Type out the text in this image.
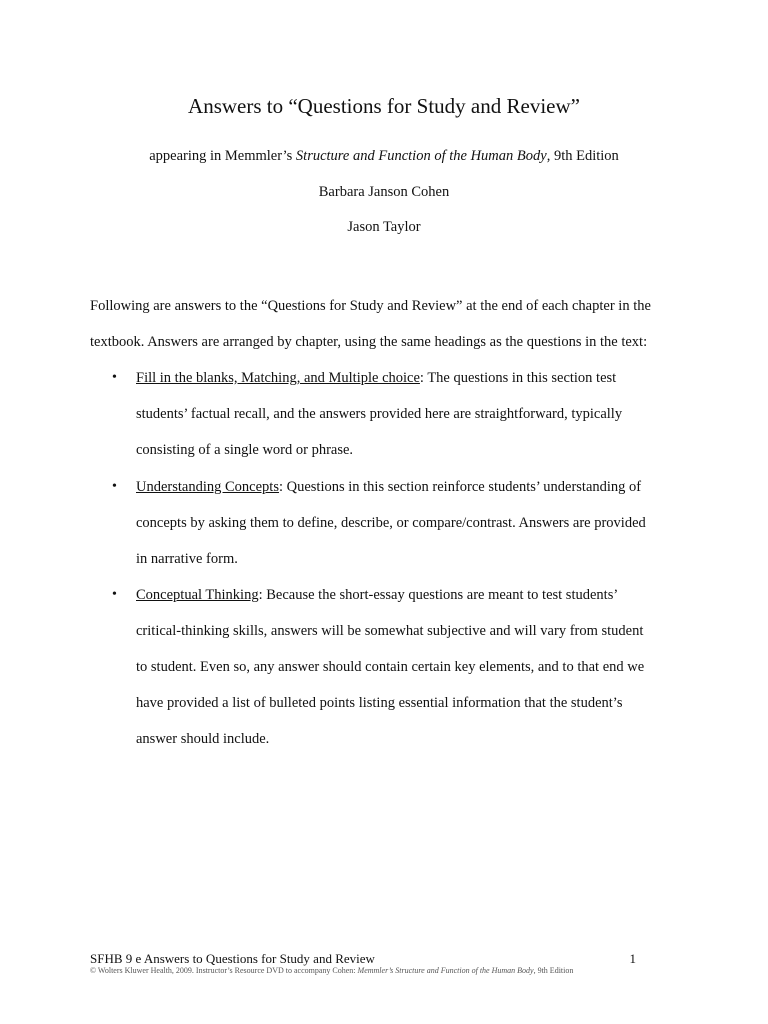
Answers to “Questions for Study and Review”
appearing in Memmler’s Structure and Function of the Human Body, 9th Edition
Barbara Janson Cohen
Jason Taylor

Following are answers to the “Questions for Study and Review” at the end of each chapter in the
textbook. Answers are arranged by chapter, using the same headings as the questions in the text:

• Fill in the blanks, Matching, and Multiple choice: The questions in this section test
students’ factual recall, and the answers provided here are straightforward, typically
consisting of a single word or phrase.
• Understanding Concepts: Questions in this section reinforce students’ understanding of
concepts by asking them to define, describe, or compare/contrast. Answers are provided
in narrative form.
• Conceptual Thinking: Because the short-essay questions are meant to test students’
critical-thinking skills, answers will be somewhat subjective and will vary from student
to student. Even so, any answer should contain certain key elements, and to that end we
have provided a list of bulleted points listing essential information that the student’s
answer should include.
SFHB 9 e Answers to Questions for Study and Review	1
© Wolters Kluwer Health, 2009. Instructor’s Resource DVD to accompany Cohen: Memmler’s Structure and Function of the Human Body, 9th Edition
